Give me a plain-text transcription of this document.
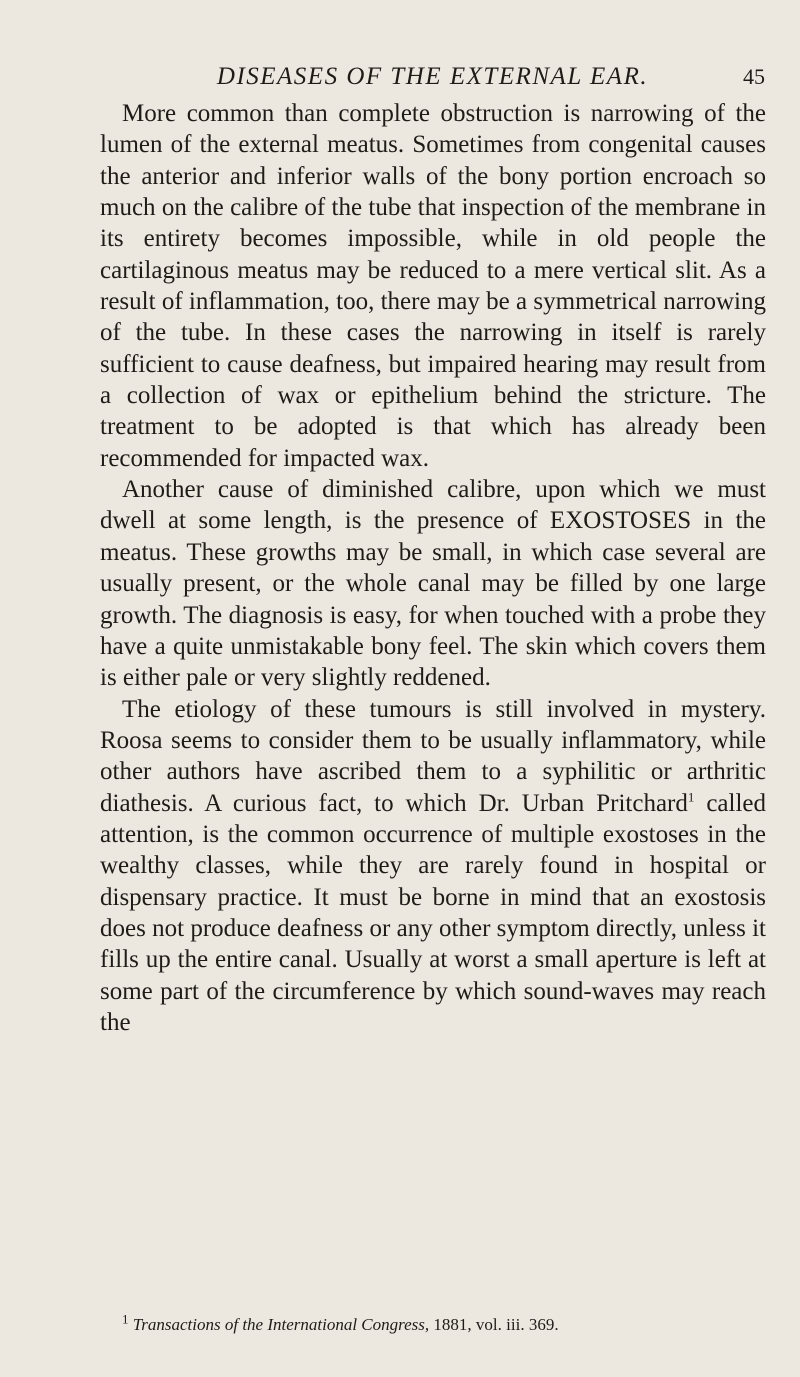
DISEASES OF THE EXTERNAL EAR.	45

More common than complete obstruction is narrowing of the lumen of the external meatus. Sometimes from congenital causes the anterior and inferior walls of the bony portion encroach so much on the calibre of the tube that inspection of the membrane in its entirety becomes impossible, while in old people the cartilaginous meatus may be reduced to a mere vertical slit. As a result of inflammation, too, there may be a symmetrical narrowing of the tube. In these cases the narrowing in itself is rarely sufficient to cause deafness, but impaired hearing may result from a collection of wax or epithelium behind the stricture. The treatment to be adopted is that which has already been recommended for impacted wax.

Another cause of diminished calibre, upon which we must dwell at some length, is the presence of EXOSTOSES in the meatus. These growths may be small, in which case several are usually present, or the whole canal may be filled by one large growth. The diagnosis is easy, for when touched with a probe they have a quite unmistakable bony feel. The skin which covers them is either pale or very slightly reddened.

The etiology of these tumours is still involved in mystery. Roosa seems to consider them to be usually inflammatory, while other authors have ascribed them to a syphilitic or arthritic diathesis. A curious fact, to which Dr. Urban Pritchard$^1$ called attention, is the common occurrence of multiple exostoses in the wealthy classes, while they are rarely found in hospital or dispensary practice. It must be borne in mind that an exostosis does not produce deafness or any other symptom directly, unless it fills up the entire canal. Usually at worst a small aperture is left at some part of the circumference by which sound-waves may reach the

$^1$ Transactions of the International Congress, 1881, vol. iii. 369.
